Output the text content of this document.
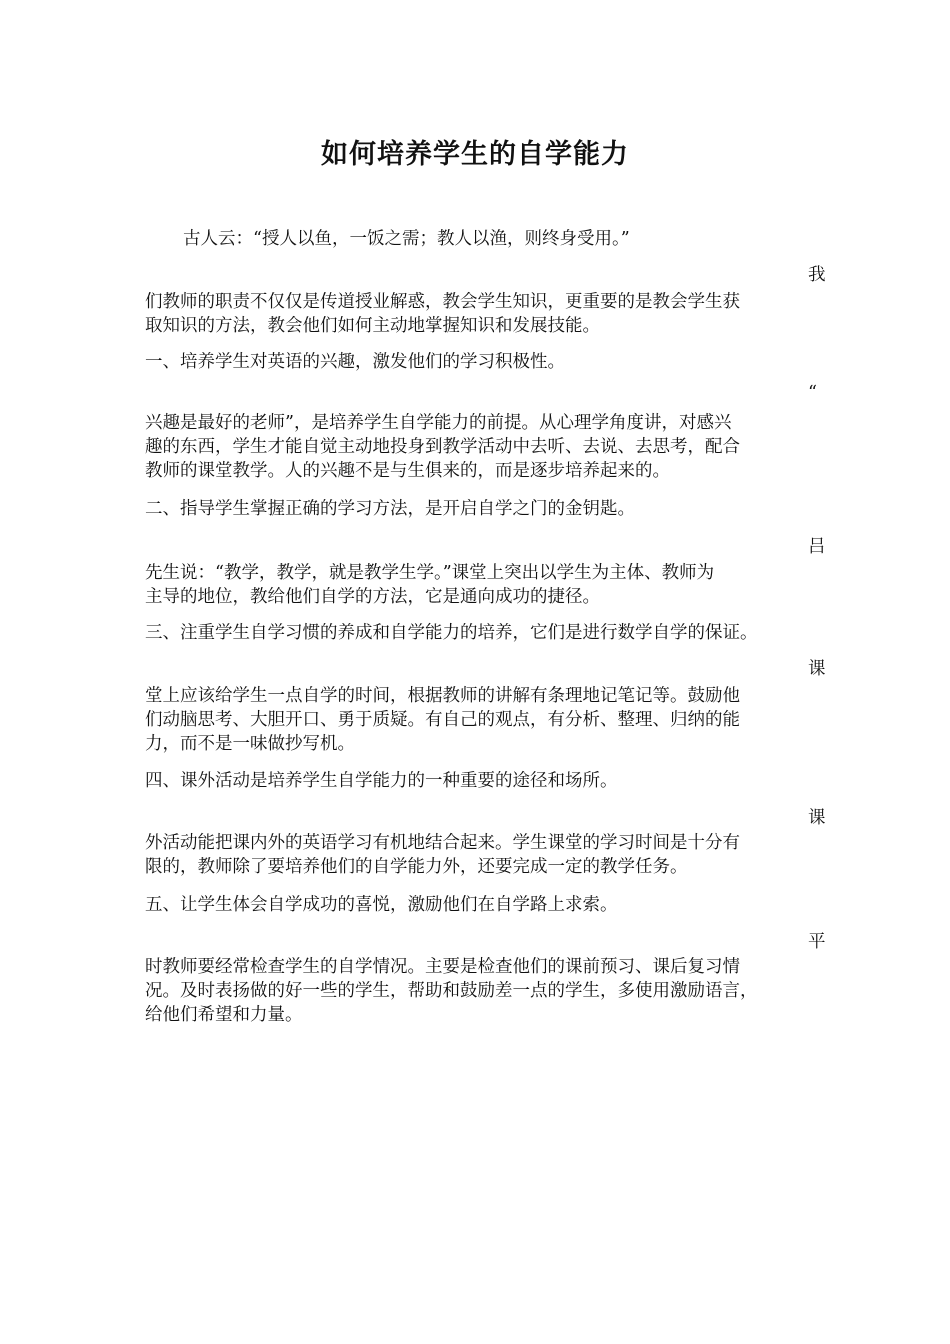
如何培养学生的自学能力
古人云：“授人以鱼，一饭之需；教人以渔，则终身受用。”
我
们教师的职责不仅仅是传道授业解惑，教会学生知识，更重要的是教会学生获
取知识的方法，教会他们如何主动地掌握知识和发展技能。
一、培养学生对英语的兴趣，激发他们的学习积极性。
“
兴趣是最好的老师”，是培养学生自学能力的前提。从心理学角度讲，对感兴
趣的东西，学生才能自觉主动地投身到教学活动中去听、去说、去思考，配合
教师的课堂教学。人的兴趣不是与生俱来的，而是逐步培养起来的。
二、指导学生掌握正确的学习方法，是开启自学之门的金钥匙。
吕
先生说：“教学，教学，就是教学生学。”课堂上突出以学生为主体、教师为
主导的地位，教给他们自学的方法，它是通向成功的捷径。
三、注重学生自学习惯的养成和自学能力的培养，它们是进行数学自学的保证。
课
堂上应该给学生一点自学的时间，根据教师的讲解有条理地记笔记等。鼓励他
们动脑思考、大胆开口、勇于质疑。有自己的观点，有分析、整理、归纳的能
力，而不是一味做抄写机。
四、课外活动是培养学生自学能力的一种重要的途径和场所。
课
外活动能把课内外的英语学习有机地结合起来。学生课堂的学习时间是十分有
限的，教师除了要培养他们的自学能力外，还要完成一定的教学任务。
五、让学生体会自学成功的喜悦，激励他们在自学路上求索。
平
时教师要经常检查学生的自学情况。主要是检查他们的课前预习、课后复习情
况。及时表扬做的好一些的学生，帮助和鼓励差一点的学生，多使用激励语言，
给他们希望和力量。
